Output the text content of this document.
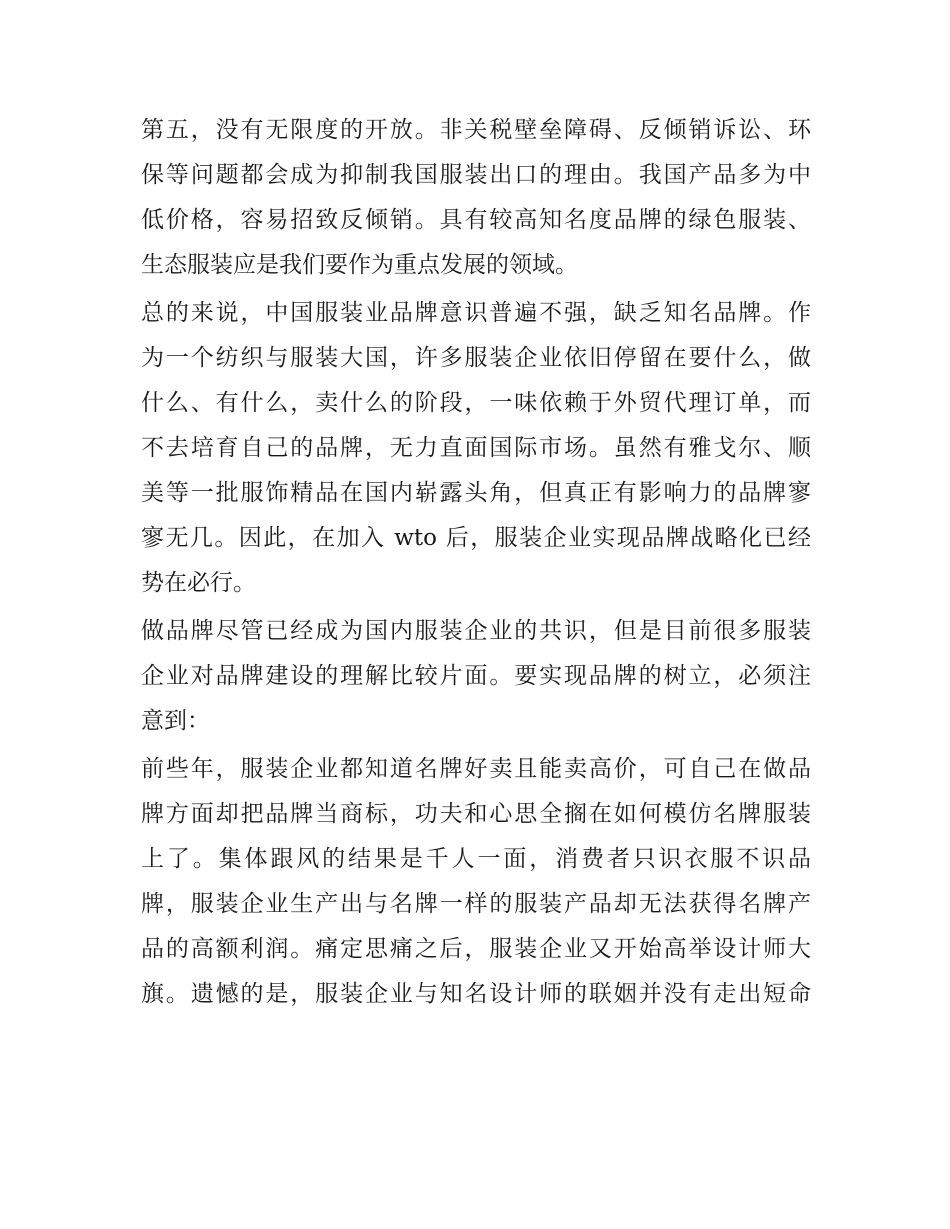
第五，没有无限度的开放。非关税壁垒障碍、反倾销诉讼、环
保等问题都会成为抑制我国服装出口的理由。我国产品多为中
低价格，容易招致反倾销。具有较高知名度品牌的绿色服装、
生态服装应是我们要作为重点发展的领域。

总的来说，中国服装业品牌意识普遍不强，缺乏知名品牌。作
为一个纺织与服装大国，许多服装企业依旧停留在要什么，做
什么、有什么，卖什么的阶段，一味依赖于外贸代理订单，而
不去培育自己的品牌，无力直面国际市场。虽然有雅戈尔、顺
美等一批服饰精品在国内崭露头角，但真正有影响力的品牌寥
寥无几。因此，在加入 wto 后，服装企业实现品牌战略化已经
势在必行。

做品牌尽管已经成为国内服装企业的共识，但是目前很多服装
企业对品牌建设的理解比较片面。要实现品牌的树立，必须注
意到：

前些年，服装企业都知道名牌好卖且能卖高价，可自己在做品
牌方面却把品牌当商标，功夫和心思全搁在如何模仿名牌服装
上了。集体跟风的结果是千人一面，消费者只识衣服不识品
牌，服装企业生产出与名牌一样的服装产品却无法获得名牌产
品的高额利润。痛定思痛之后，服装企业又开始高举设计师大
旗。遗憾的是，服装企业与知名设计师的联姻并没有走出短命
